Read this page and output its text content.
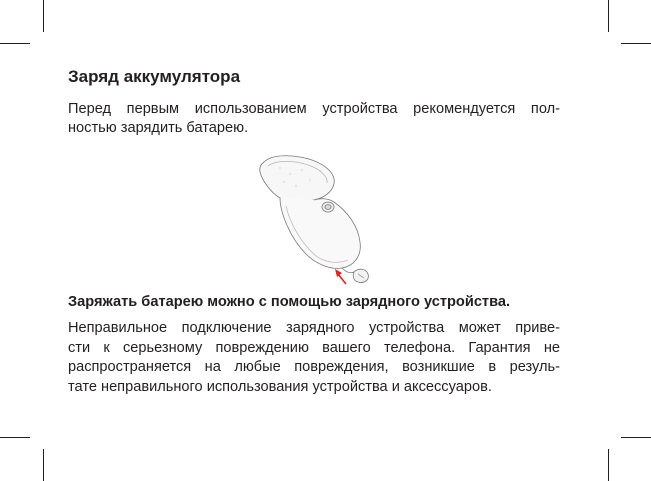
Заряд аккумулятора

Перед первым использованием устройства рекомендуется пол-
ностью зарядить батарею.

Заряжать батарею можно с помощью зарядного устройства.

Неправильное подключение зарядного устройства может приве-
сти к серьезному повреждению вашего телефона. Гарантия не
распространяется на любые повреждения, возникшие в резуль-
тате неправильного использования устройства и аксессуаров.
